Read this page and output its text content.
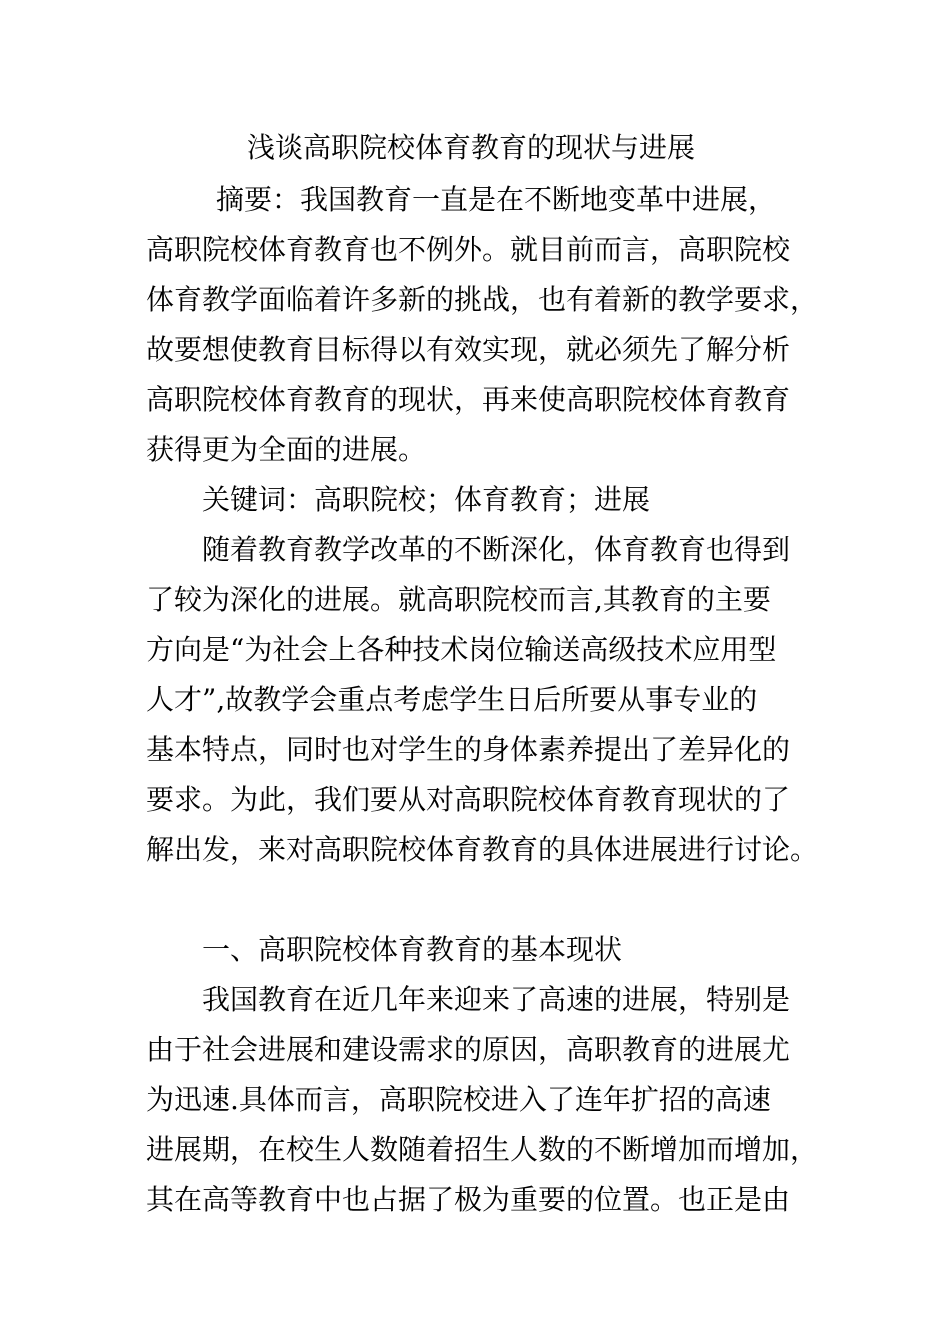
浅谈高职院校体育教育的现状与进展
摘要：我国教育一直是在不断地变革中进展，
高职院校体育教育也不例外。就目前而言，高职院校
体育教学面临着许多新的挑战，也有着新的教学要求，
故要想使教育目标得以有效实现，就必须先了解分析
高职院校体育教育的现状，再来使高职院校体育教育
获得更为全面的进展。
关键词：高职院校；体育教育；进展
随着教育教学改革的不断深化，体育教育也得到
了较为深化的进展。就高职院校而言,其教育的主要
方向是“为社会上各种技术岗位输送高级技术应用型
人才”,故教学会重点考虑学生日后所要从事专业的
基本特点，同时也对学生的身体素养提出了差异化的
要求。为此，我们要从对高职院校体育教育现状的了
解出发，来对高职院校体育教育的具体进展进行讨论。
一、高职院校体育教育的基本现状
我国教育在近几年来迎来了高速的进展，特别是
由于社会进展和建设需求的原因，高职教育的进展尤
为迅速.具体而言，高职院校进入了连年扩招的高速
进展期，在校生人数随着招生人数的不断增加而增加，
其在高等教育中也占据了极为重要的位置。也正是由
